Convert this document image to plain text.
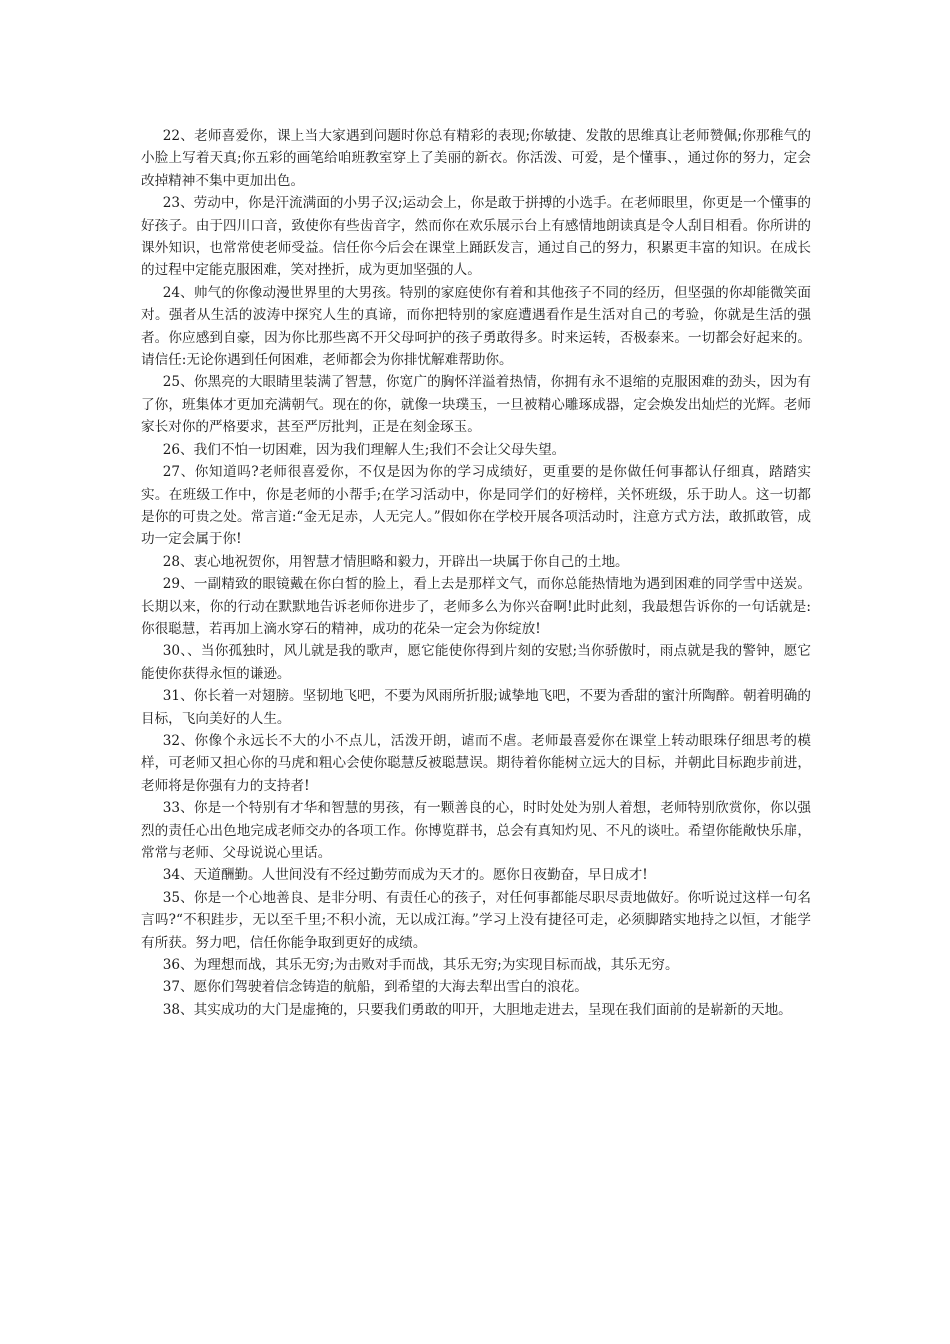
22、老师喜爱你，课上当大家遇到问题时你总有精彩的表现;你敏捷、发散的思维真让老师赞佩;你那稚气的小脸上写着天真;你五彩的画笔给咱班教室穿上了美丽的新衣。你活泼、可爱，是个懂事、，通过你的努力，定会改掉精神不集中更加出色。

23、劳动中，你是汗流满面的小男子汉;运动会上，你是敢于拼搏的小选手。在老师眼里，你更是一个懂事的好孩子。由于四川口音，致使你有些齿音字，然而你在欢乐展示台上有感情地朗读真是令人刮目相看。你所讲的课外知识，也常常使老师受益。信任你今后会在课堂上踊跃发言，通过自己的努力，积累更丰富的知识。在成长的过程中定能克服困难，笑对挫折，成为更加坚强的人。

24、帅气的你像动漫世界里的大男孩。特别的家庭使你有着和其他孩子不同的经历，但坚强的你却能微笑面对。强者从生活的波涛中探究人生的真谛，而你把特别的家庭遭遇看作是生活对自己的考验，你就是生活的强者。你应感到自豪，因为你比那些离不开父母呵护的孩子勇敢得多。时来运转，否极泰来。一切都会好起来的。请信任:无论你遇到任何困难，老师都会为你排忧解难帮助你。

25、你黑亮的大眼睛里装满了智慧，你宽广的胸怀洋溢着热情，你拥有永不退缩的克服困难的劲头，因为有了你，班集体才更加充满朝气。现在的你，就像一块璞玉，一旦被精心雕琢成器，定会焕发出灿烂的光辉。老师家长对你的严格要求，甚至严厉批判，正是在刻金琢玉。

26、我们不怕一切困难，因为我们理解人生;我们不会让父母失望。

27、你知道吗?老师很喜爱你，不仅是因为你的学习成绩好，更重要的是你做任何事都认仔细真，踏踏实实。在班级工作中，你是老师的小帮手;在学习活动中，你是同学们的好榜样，关怀班级，乐于助人。这一切都是你的可贵之处。常言道:“金无足赤，人无完人。”假如你在学校开展各项活动时，注意方式方法，敢抓敢管，成功一定会属于你!

28、衷心地祝贺你，用智慧才情胆略和毅力，开辟出一块属于你自己的土地。

29、一副精致的眼镜戴在你白皙的脸上，看上去是那样文气，而你总能热情地为遇到困难的同学雪中送炭。长期以来，你的行动在默默地告诉老师你进步了，老师多么为你兴奋啊!此时此刻，我最想告诉你的一句话就是:你很聪慧，若再加上滴水穿石的精神，成功的花朵一定会为你绽放!

30、、当你孤独时，风儿就是我的歌声，愿它能使你得到片刻的安慰;当你骄傲时，雨点就是我的警钟，愿它能使你获得永恒的谦逊。

31、你长着一对翅膀。坚韧地飞吧，不要为风雨所折服;诚挚地飞吧，不要为香甜的蜜汁所陶醉。朝着明确的目标，飞向美好的人生。

32、你像个永远长不大的小不点儿，活泼开朗，谑而不虐。老师最喜爱你在课堂上转动眼珠仔细思考的模样，可老师又担心你的马虎和粗心会使你聪慧反被聪慧误。期待着你能树立远大的目标，并朝此目标跑步前进，老师将是你强有力的支持者!

33、你是一个特别有才华和智慧的男孩，有一颗善良的心，时时处处为别人着想，老师特别欣赏你，你以强烈的责任心出色地完成老师交办的各项工作。你博览群书，总会有真知灼见、不凡的谈吐。希望你能敞快乐扉，常常与老师、父母说说心里话。

34、天道酬勤。人世间没有不经过勤劳而成为天才的。愿你日夜勤奋，早日成才!

35、你是一个心地善良、是非分明、有责任心的孩子，对任何事都能尽职尽责地做好。你听说过这样一句名言吗?“不积跬步，无以至千里;不积小流，无以成江海。”学习上没有捷径可走，必须脚踏实地持之以恒，才能学有所获。努力吧，信任你能争取到更好的成绩。

36、为理想而战，其乐无穷;为击败对手而战，其乐无穷;为实现目标而战，其乐无穷。

37、愿你们驾驶着信念铸造的航船，到希望的大海去犁出雪白的浪花。

38、其实成功的大门是虚掩的，只要我们勇敢的叩开，大胆地走进去，呈现在我们面前的是崭新的天地。
